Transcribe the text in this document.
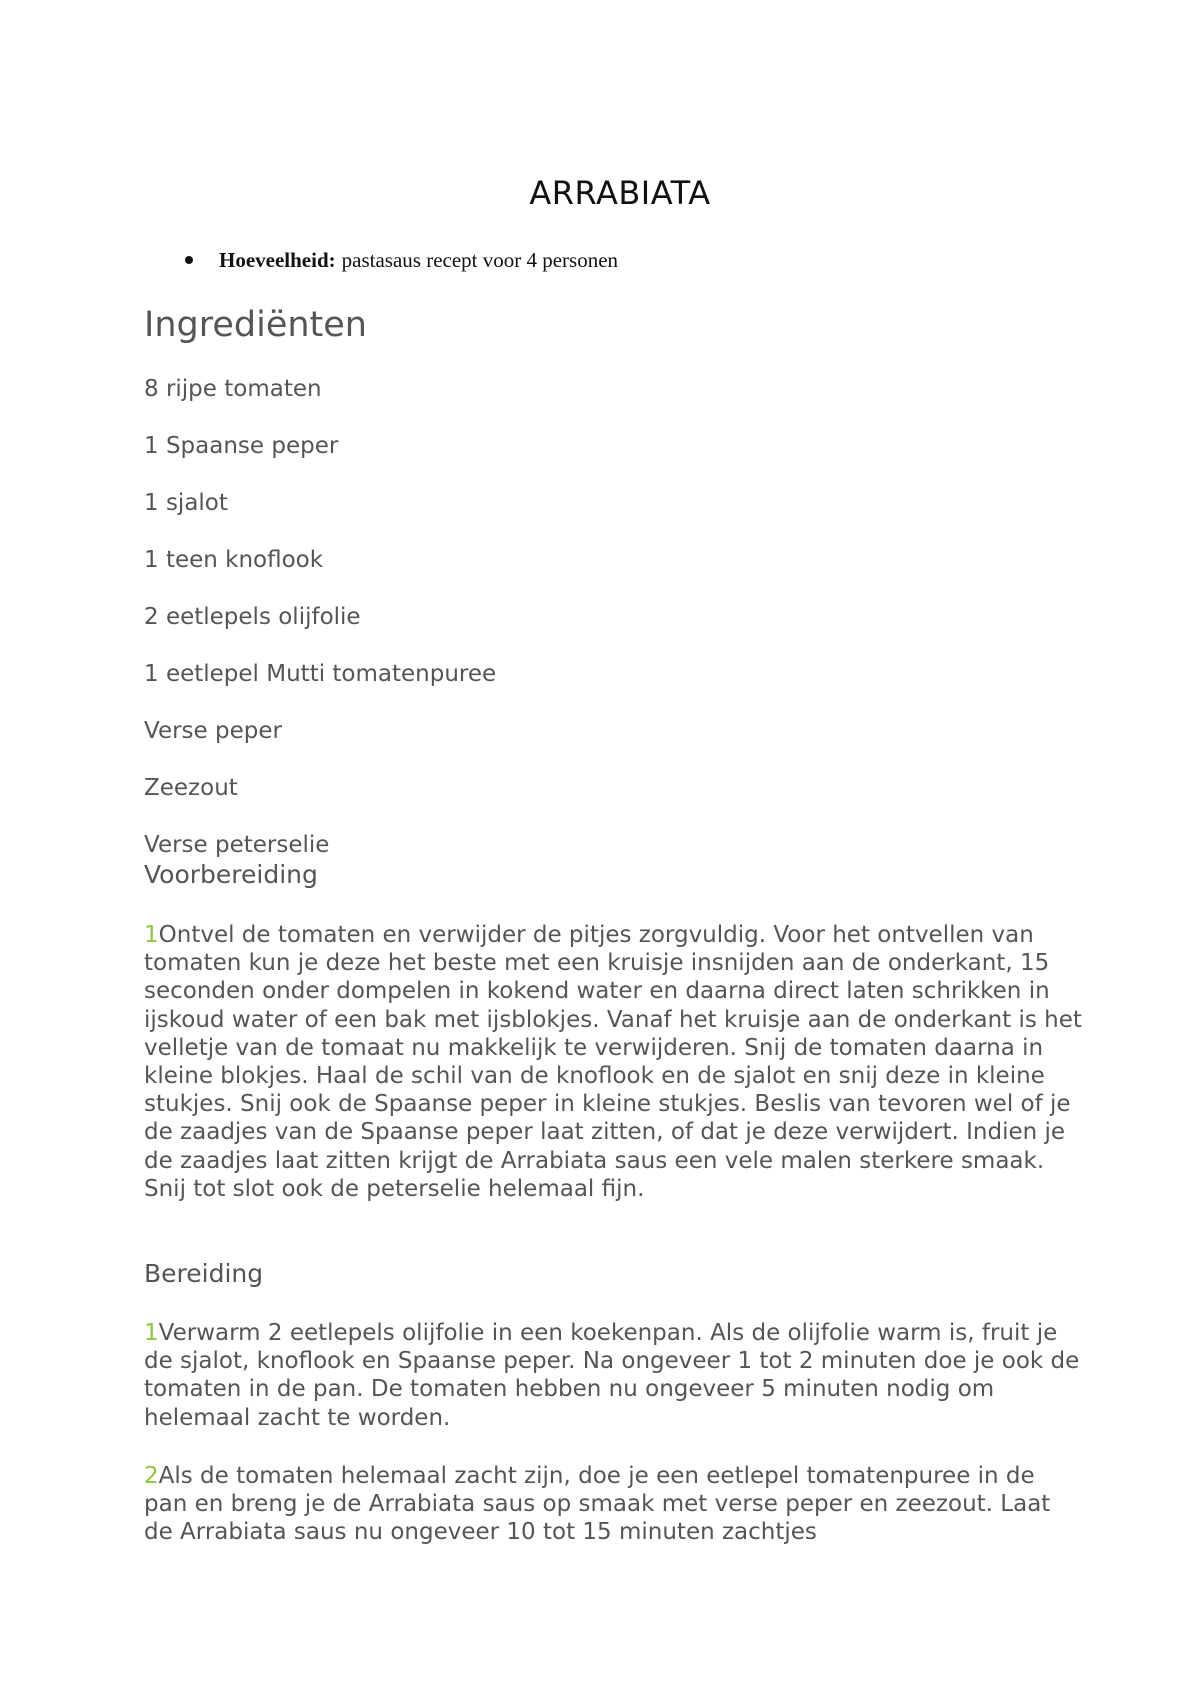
ARRABIATA
Hoeveelheid: pastasaus recept voor 4 personen
Ingrediënten
8 rijpe tomaten
1 Spaanse peper
1 sjalot
1 teen knoflook
2 eetlepels olijfolie
1 eetlepel Mutti tomatenpuree
Verse peper
Zeezout
Verse peterselie
Voorbereiding

1Ontvel de tomaten en verwijder de pitjes zorgvuldig. Voor het ontvellen van tomaten kun je deze het beste met een kruisje insnijden aan de onderkant, 15 seconden onder dompelen in kokend water en daarna direct laten schrikken in ijskoud water of een bak met ijsblokjes. Vanaf het kruisje aan de onderkant is het velletje van de tomaat nu makkelijk te verwijderen. Snij de tomaten daarna in kleine blokjes. Haal de schil van de knoflook en de sjalot en snij deze in kleine stukjes. Snij ook de Spaanse peper in kleine stukjes. Beslis van tevoren wel of je de zaadjes van de Spaanse peper laat zitten, of dat je deze verwijdert. Indien je de zaadjes laat zitten krijgt de Arrabiata saus een vele malen sterkere smaak. Snij tot slot ook de peterselie helemaal fijn.

Bereiding

1Verwarm 2 eetlepels olijfolie in een koekenpan. Als de olijfolie warm is, fruit je de sjalot, knoflook en Spaanse peper. Na ongeveer 1 tot 2 minuten doe je ook de tomaten in de pan. De tomaten hebben nu ongeveer 5 minuten nodig om helemaal zacht te worden.

2Als de tomaten helemaal zacht zijn, doe je een eetlepel tomatenpuree in de pan en breng je de Arrabiata saus op smaak met verse peper en zeezout. Laat de Arrabiata saus nu ongeveer 10 tot 15 minuten zachtjes
